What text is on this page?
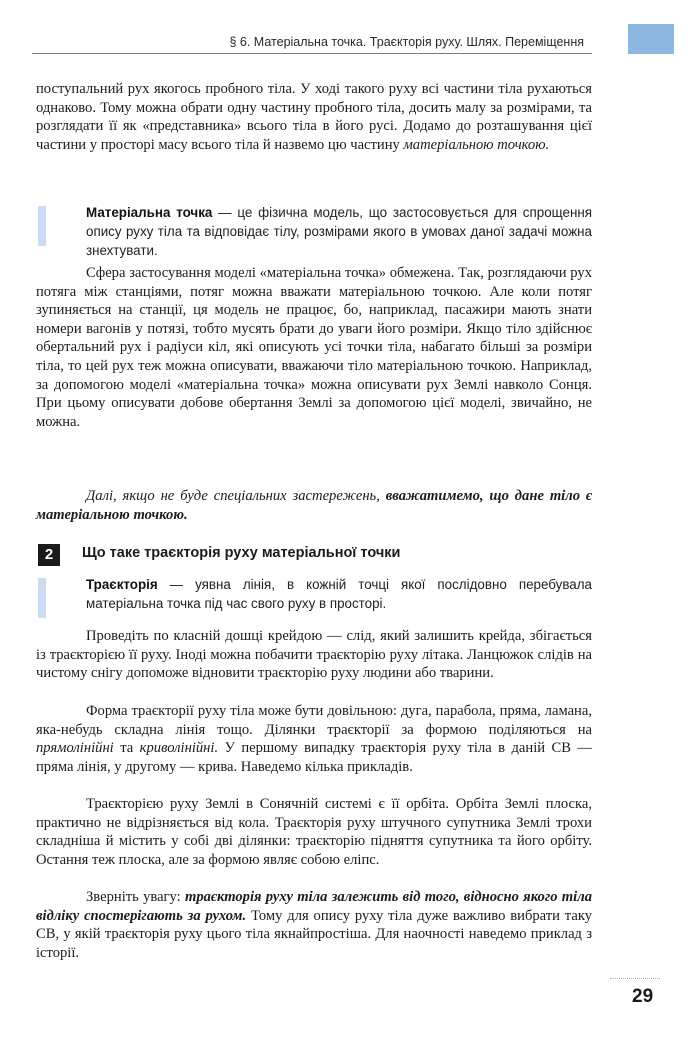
§ 6. Матеріальна точка. Траєкторія руху. Шлях. Переміщення

поступальний рух якогось пробного тіла. У ході такого руху всі частини тіла рухаються однаково. Тому можна обрати одну частину пробного тіла, досить малу за розмірами, та розглядати її як «представника» всього тіла в його русі. Додамо до розташування цієї частини у просторі масу всього тіла й назвемо цю частину матеріальною точкою.

Матеріальна точка — це фізична модель, що застосовується для спрощення опису руху тіла та відповідає тілу, розмірами якого в умовах даної задачі можна знехтувати.

Сфера застосування моделі «матеріальна точка» обмежена. Так, розглядаючи рух потяга між станціями, потяг можна вважати матеріальною точкою. Але коли потяг зупиняється на станції, ця модель не працює, бо, наприклад, пасажири мають знати номери вагонів у потязі, тобто мусять брати до уваги його розміри. Якщо тіло здійснює обертальний рух і радіуси кіл, які описують усі точки тіла, набагато більші за розміри тіла, то цей рух теж можна описувати, вважаючи тіло матеріальною точкою. Наприклад, за допомогою моделі «матеріальна точка» можна описувати рух Землі навколо Сонця. При цьому описувати добове обертання Землі за допомогою цієї моделі, звичайно, не можна.

Далі, якщо не буде спеціальних застережень, вважатимемо, що дане тіло є матеріальною точкою.

2	Що таке траєкторія руху матеріальної точки

Траєкторія — уявна лінія, в кожній точці якої послідовно перебувала матеріальна точка під час свого руху в просторі.

Проведіть по класній дошці крейдою — слід, який залишить крейда, збігається із траєкторією її руху. Іноді можна побачити траєкторію руху літака. Ланцюжок слідів на чистому снігу допоможе відновити траєкторію руху людини або тварини.

Форма траєкторії руху тіла може бути довільною: дуга, парабола, пряма, ламана, яка-небудь складна лінія тощо. Ділянки траєкторії за формою поділяються на прямолінійні та криволінійні. У першому випадку траєкторія руху тіла в даній СВ — пряма лінія, у другому — крива. Наведемо кілька прикладів.

Траєкторією руху Землі в Сонячній системі є її орбіта. Орбіта Землі плоска, практично не відрізняється від кола. Траєкторія руху штучного супутника Землі трохи складніша й містить у собі дві ділянки: траєкторію підняття супутника та його орбіту. Остання теж плоска, але за формою являє собою еліпс.

Зверніть увагу: траєкторія руху тіла залежить від того, відносно якого тіла відліку спостерігають за рухом. Тому для опису руху тіла дуже важливо вибрати таку СВ, у якій траєкторія руху цього тіла якнайпростіша. Для наочності наведемо приклад з історії.

29
